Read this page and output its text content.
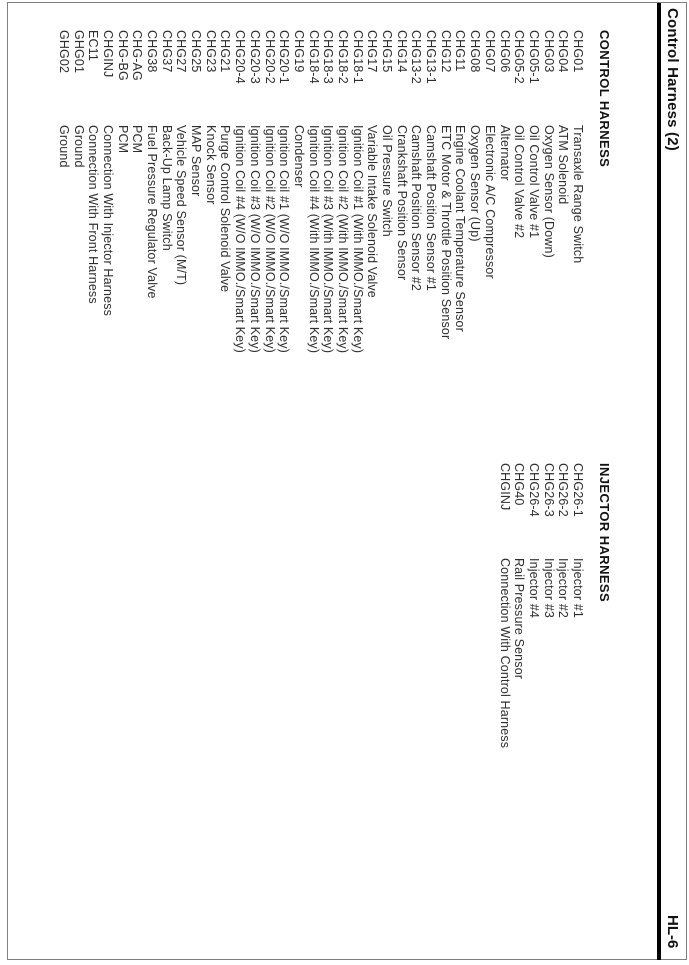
Control Harness (2)
HL-6
CONTROL HARNESS
CHG01Transaxle Range Switch
CHG04ATM Solenoid
CHG03Oxygen Sensor (Down)
CHG05-1Oil Control Valve #1
CHG05-2Oil Control Valve #2
CHG06Alternator
CHG07Electronic A/C Compressor
CHG08Oxygen Sensor (Up)
CHG11Engine Coolant Temperature Sensor
CHG12ETC Motor & Throttle Position Sensor
CHG13-1Camshaft Position Sensor #1
CHG13-2Camshaft Position Sensor #2
CHG14Crankshaft Position Sensor
CHG15Oil Pressure Switch
CHG17Variable Intake Solenoid Valve
CHG18-1Ignition Coil #1 (With IMMO./Smart Key)
CHG18-2Ignition Coil #2 (With IMMO./Smart Key)
CHG18-3Ignition Coil #3 (With IMMO./Smart Key)
CHG18-4Ignition Coil #4 (With IMMO./Smart Key)
CHG19Condenser
CHG20-1Ignition Coil #1 (W/O IMMO./Smart Key)
CHG20-2Ignition Coil #2 (W/O IMMO./Smart Key)
CHG20-3Ignition Coil #3 (W/O IMMO./Smart Key)
CHG20-4Ignition Coil #4 (W/O IMMO./Smart Key)
CHG21Purge Control Solenoid Valve
CHG23Knock Sensor
CHG25MAP Sensor
CHG27Vehicle Speed Sensor (M/T)
CHG37Back-Up Lamp Switch
CHG38Fuel Pressure Regulator Valve
CHG-AGPCM
CHG-BGPCM
CHGINJConnection With Injector Harness
EC11Connection With Front Harness
GHG01Ground
GHG02Ground
INJECTOR HARNESS
CHG26-1Injector #1
CHG26-2Injector #2
CHG26-3Injector #3
CHG26-4Injector #4
CHG40Rail Pressure Sensor
CHGINJConnection With Control Harness
